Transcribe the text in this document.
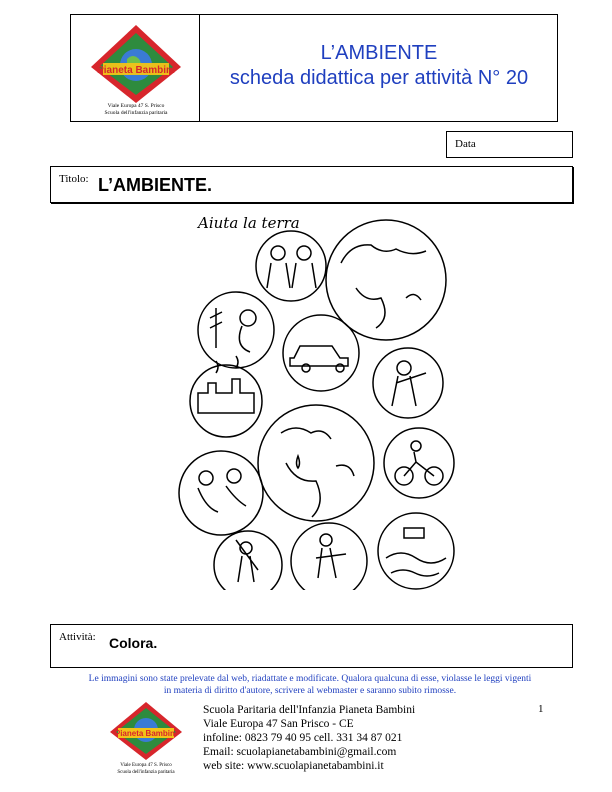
Pianeta Bambini
Viale Europa 47 S. Prisco
Scuola dell'infanzia paritaria
L’AMBIENTE
scheda didattica per attività N° 20
Data
Titolo: L’AMBIENTE.
Aiuta la terra
Attività: Colora.
Le immagini sono state prelevate dal web, riadattate e modificate. Qualora qualcuna di esse, violasse le leggi vigenti
in materia di diritto d'autore, scrivere al webmaster e saranno subito rimosse.
Pianeta Bambini
Viale Europa 47 S. Prisco
Scuola dell'infanzia paritaria
Scuola Paritaria dell'Infanzia Pianeta Bambini
Viale Europa 47 San Prisco - CE
infoline: 0823 79 40 95 cell. 331 34 87 021
Email: scuolapianetabambini@gmail.com
web site: www.scuolapianetabambini.it
1
